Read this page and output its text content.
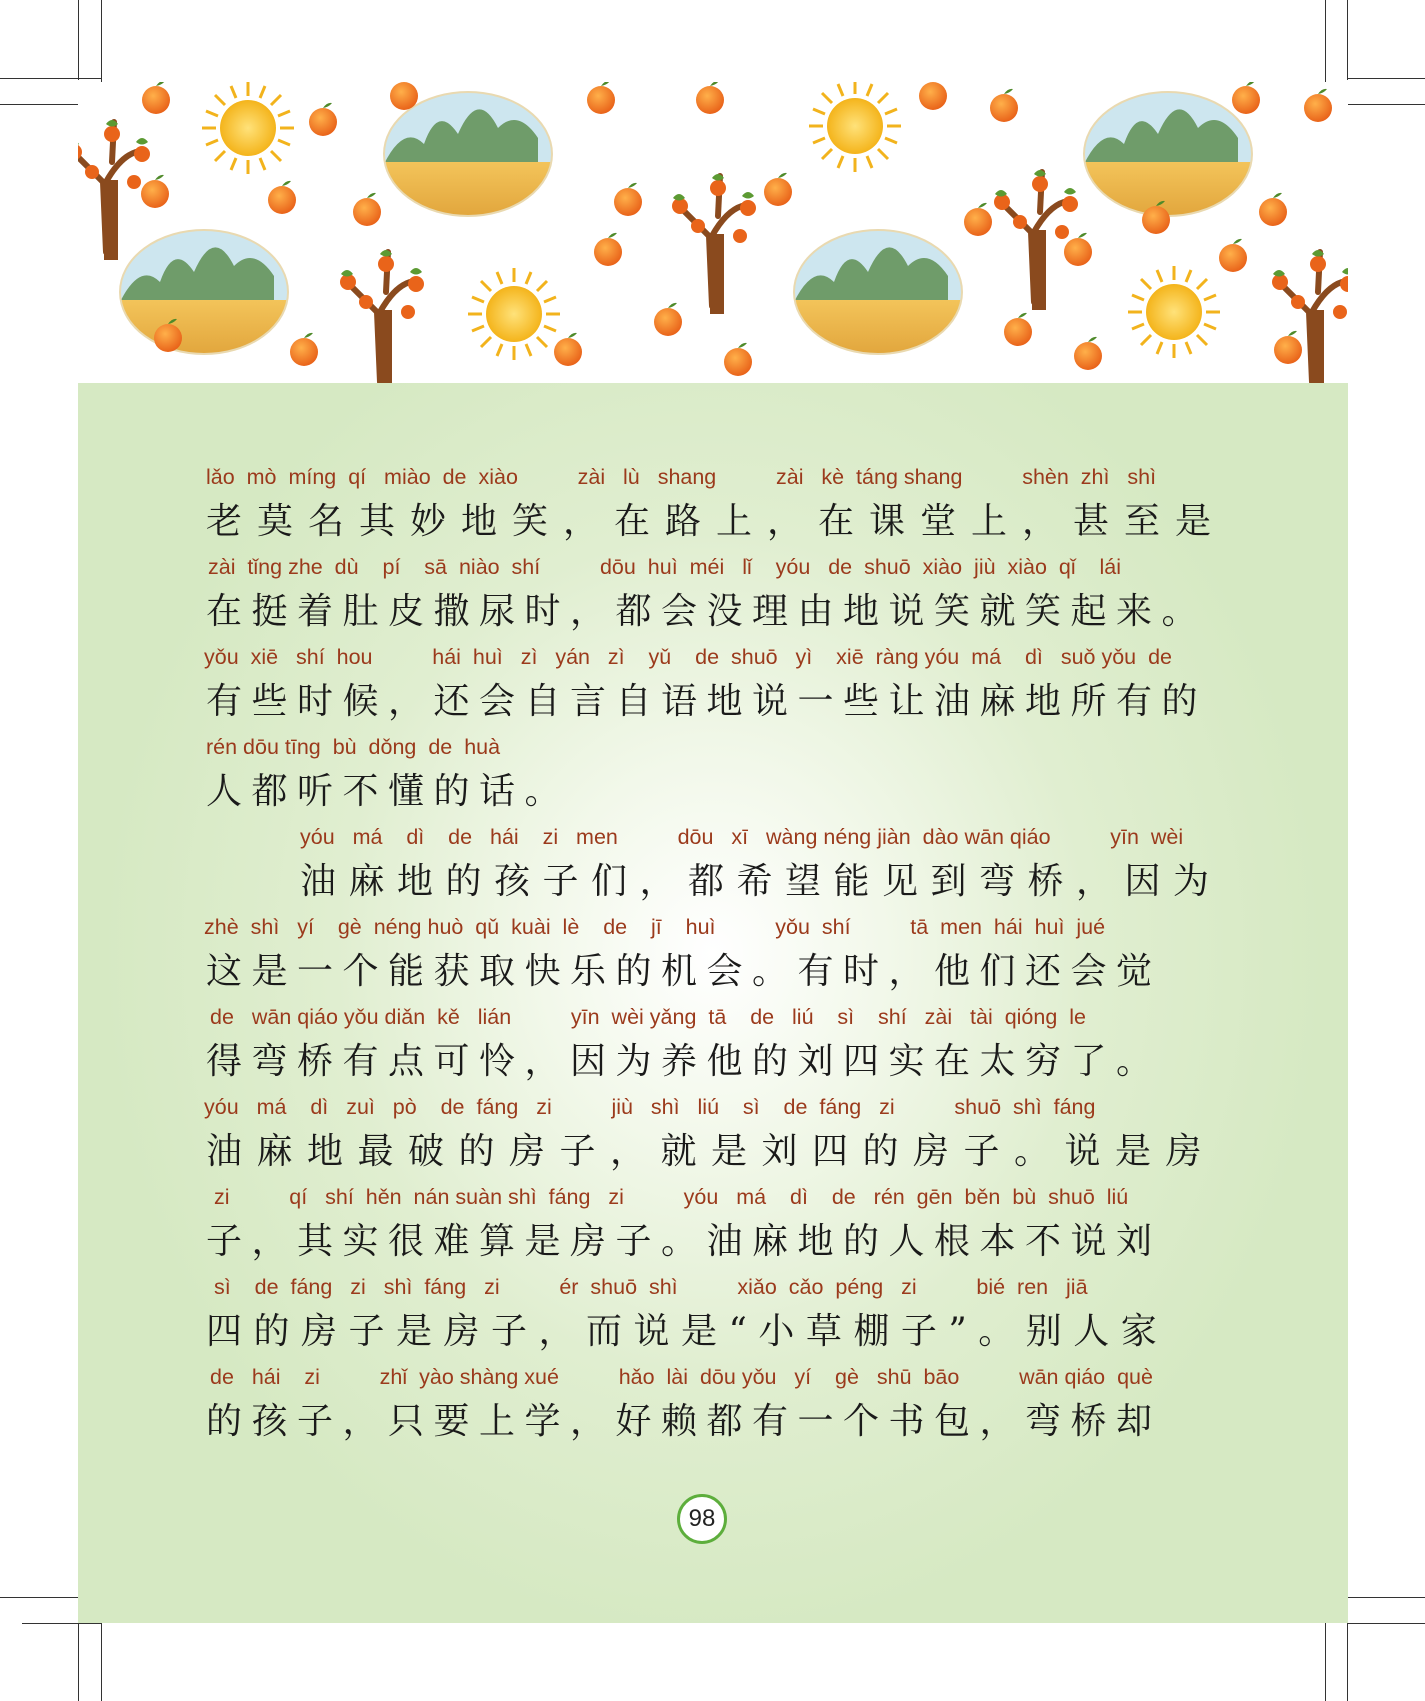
lǎo  mò  míng  qí   miào  de  xiào          zài   lù   shang          zài   kè  táng shang          shèn  zhì   shì
老莫名其妙地笑，在路上，在课堂上，甚至是
zài  tǐng zhe  dù    pí    sā  niào  shí          dōu  huì  méi   lǐ    yóu   de  shuō  xiào  jiù  xiào  qǐ    lái
在挺着肚皮撒尿时，都会没理由地说笑就笑起来。
yǒu  xiē   shí  hou          hái  huì   zì   yán   zì    yǔ    de  shuō   yì    xiē  ràng yóu  má    dì   suǒ yǒu  de
有些时候，还会自言自语地说一些让油麻地所有的
rén dōu tīng  bù  dǒng  de  huà
人都听不懂的话。
yóu   má    dì    de   hái    zi   men          dōu   xī   wàng néng jiàn  dào wān qiáo          yīn  wèi
油麻地的孩子们，都希望能见到弯桥，因为
zhè  shì   yí    gè  néng huò  qǔ  kuài  lè    de    jī    huì          yǒu  shí          tā  men  hái  huì  jué
这是一个能获取快乐的机会。有时，他们还会觉
de   wān qiáo yǒu diǎn  kě   lián          yīn  wèi yǎng  tā    de   liú    sì    shí   zài   tài  qióng  le
得弯桥有点可怜，因为养他的刘四实在太穷了。
yóu   má    dì   zuì   pò    de  fáng   zi          jiù   shì   liú    sì    de  fáng   zi          shuō  shì  fáng
油麻地最破的房子，就是刘四的房子。说是房
zi          qí   shí  hěn  nán suàn shì  fáng   zi          yóu   má    dì    de   rén  gēn  běn  bù  shuō  liú
子，其实很难算是房子。油麻地的人根本不说刘
sì    de  fáng   zi   shì  fáng   zi          ér  shuō  shì          xiǎo  cǎo  péng   zi          bié  ren   jiā
四的房子是房子，而说是“小草棚子”。别人家
de   hái    zi          zhǐ  yào shàng xué          hǎo  lài  dōu yǒu   yí    gè   shū  bāo          wān qiáo  què
的孩子，只要上学，好赖都有一个书包，弯桥却
98
